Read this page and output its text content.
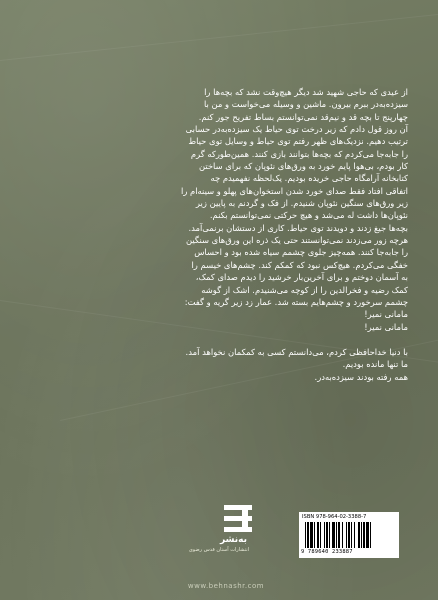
از عیدی که حاجی شهید شد دیگر هیچ‌وقت نشد که بچه‌ها را

سیزده‌به‌در ببرم بیرون. ماشین و وسیله می‌خواست و من با

چهارپنج تا بچه قد و نیم‌قد نمی‌توانستم بساط تفریح جور کنم.

آن روز قول دادم که زیر درخت توی حیاط یک سیزده‌به‌در حسابی

ترتیب دهیم. نزدیک‌های ظهر رفتم توی حیاط و وسایل توی حیاط

را جابه‌جا می‌کردم که بچه‌ها بتوانند بازی کنند. همین‌طورکه گرم

کار بودم، بی‌هوا پایم خورد به ورق‌های نئوپان که برای ساختن

کتابخانه آرامگاه حاجی خریده بودیم. یک‌لحظه نفهمیدم چه

اتفاقی افتاد فقط صدای خورد شدن استخوان‌های پهلو و سینه‌ام را

زیر ورق‌های سنگین نئوپان شنیدم. از فک و گردنم به پایین زیر

نئوپان‌ها داشت له می‌شد و هیچ حرکتی نمی‌توانستم بکنم.

بچه‌ها جیغ زدند و دویدند توی حیاط. کاری از دستشان برنمی‌آمد.

هرچه زور می‌زدند نمی‌توانستند حتی یک ذره این ورق‌های سنگین

را جابه‌جا کنند. همه‌چیز جلوی چشمم سیاه شده بود و احساس

خفگی می‌کردم. هیچ‌کس نبود که کمکم کند. چشم‌های خیسم را

به آسمان دوختم و برای آخرین‌بار خرشید را دیدم صدای کمک،

کمک رضیه و فخرالدین را از کوچه می‌شنیدم. اشک از گوشه

چشمم سرخورد و چشم‌هایم بسته شد. عمار زد زیر گریه و گفت:

مامانی نمیر!

مامانی نمیر!

با دنیا خداحافظی کردم، می‌دانستم کسی به کمکمان نخواهد آمد.

ما تنها مانده بودیم.

همه رفته بودند سیزده‌به‌در.

به‌نشر
انتشارات آستان قدس رضوی
ISBN 978-964-02-3388-7
9 789640 233887
www.behnashr.com
